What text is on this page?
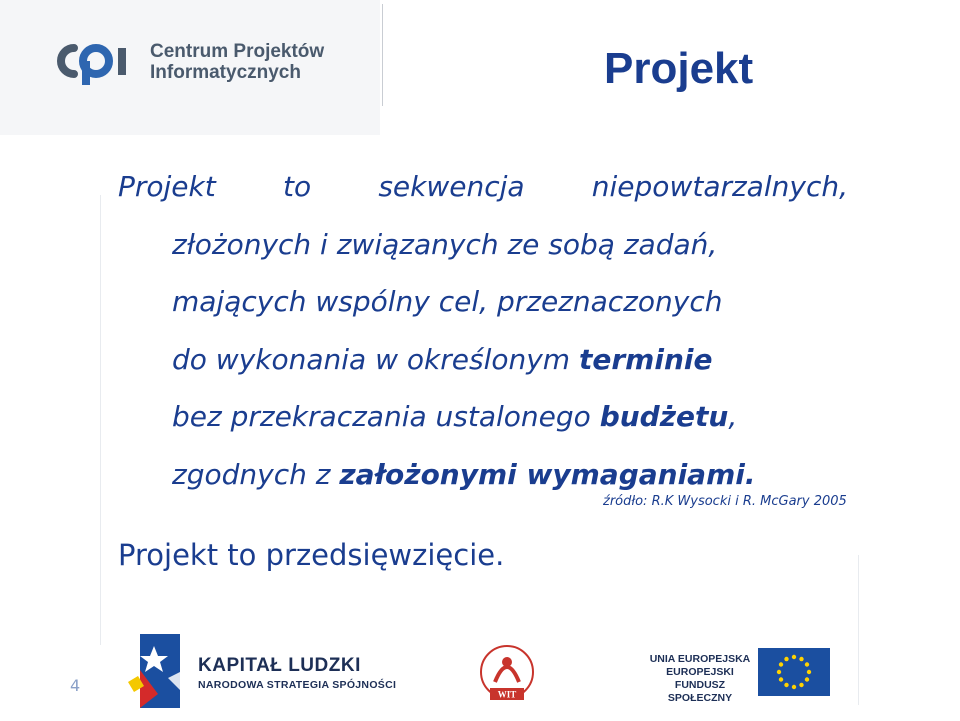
Centrum Projektów
Informatycznych	Projekt
Projekt to sekwencja niepowtarzalnych,
złożonych i związanych ze sobą zadań,
mających wspólny cel, przeznaczonych
do wykonania w określonym terminie
bez przekraczania ustalonego budżetu,
zgodnych z założonymi wymaganiami.
źródło: R.K Wysocki i R. McGary 2005
Projekt to przedsięwzięcie.
4
KAPITAŁ LUDZKI
NARODOWA STRATEGIA SPÓJNOŚCI
WIT
UNIA EUROPEJSKA
EUROPEJSKI
FUNDUSZ SPOŁECZNY
